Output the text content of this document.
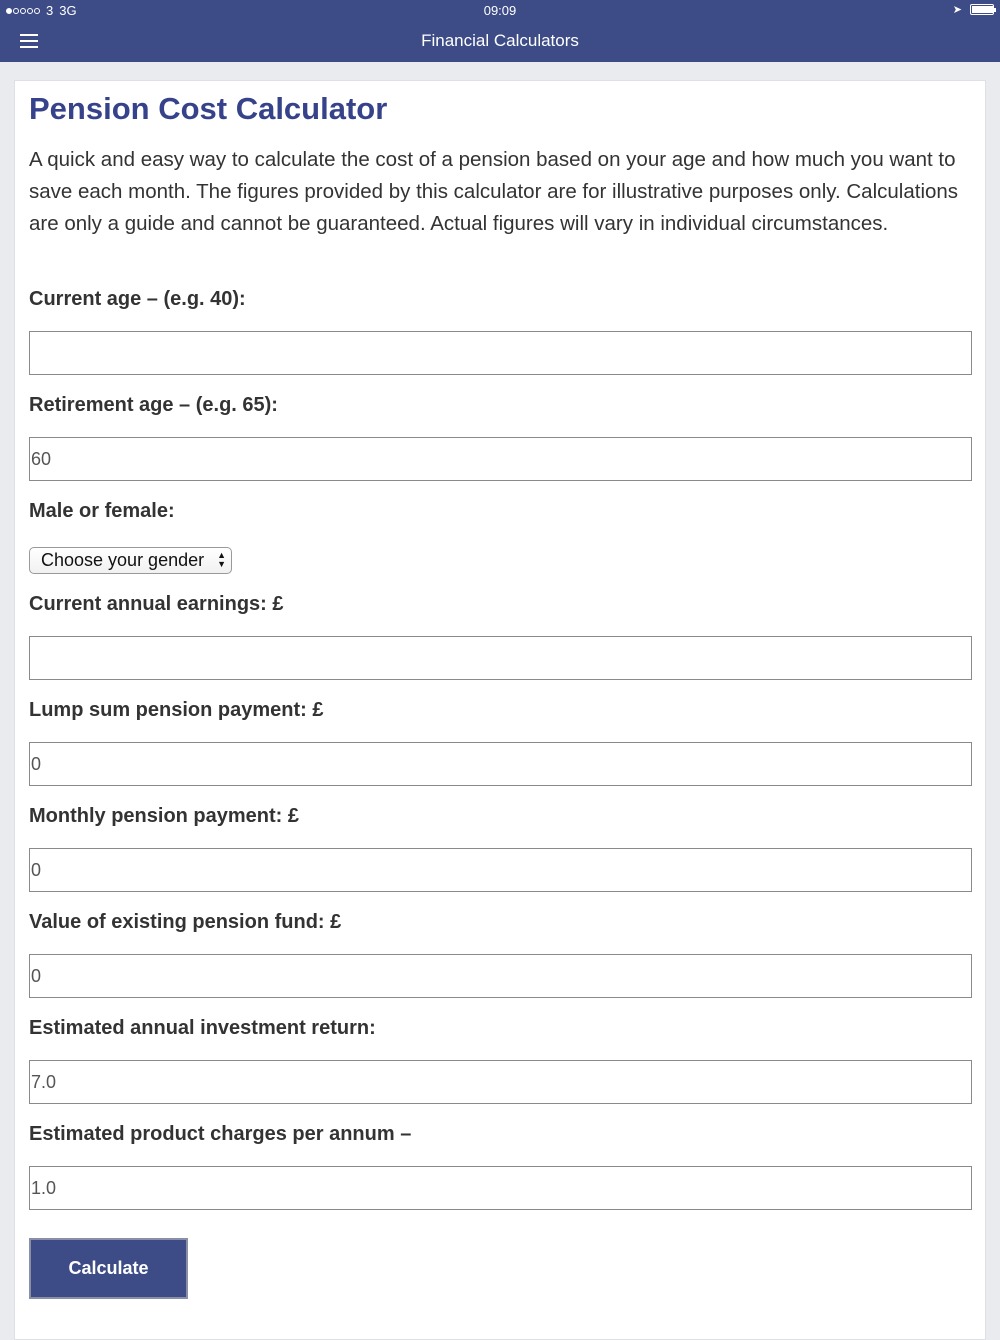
3 3G	09:09	➤
Financial Calculators
Pension Cost Calculator

A quick and easy way to calculate the cost of a pension based on your age and how much you want to save each month. The figures provided by this calculator are for illustrative purposes only. Calculations are only a guide and cannot be guaranteed. Actual figures will vary in individual circumstances.

Current age – (e.g. 40):
Retirement age – (e.g. 65):
60
Male or female:
Choose your gender ▲
▼
Current annual earnings: £
Lump sum pension payment: £
0
Monthly pension payment: £
0
Value of existing pension fund: £
0
Estimated annual investment return:
7.0
Estimated product charges per annum –
1.0
Calculate
